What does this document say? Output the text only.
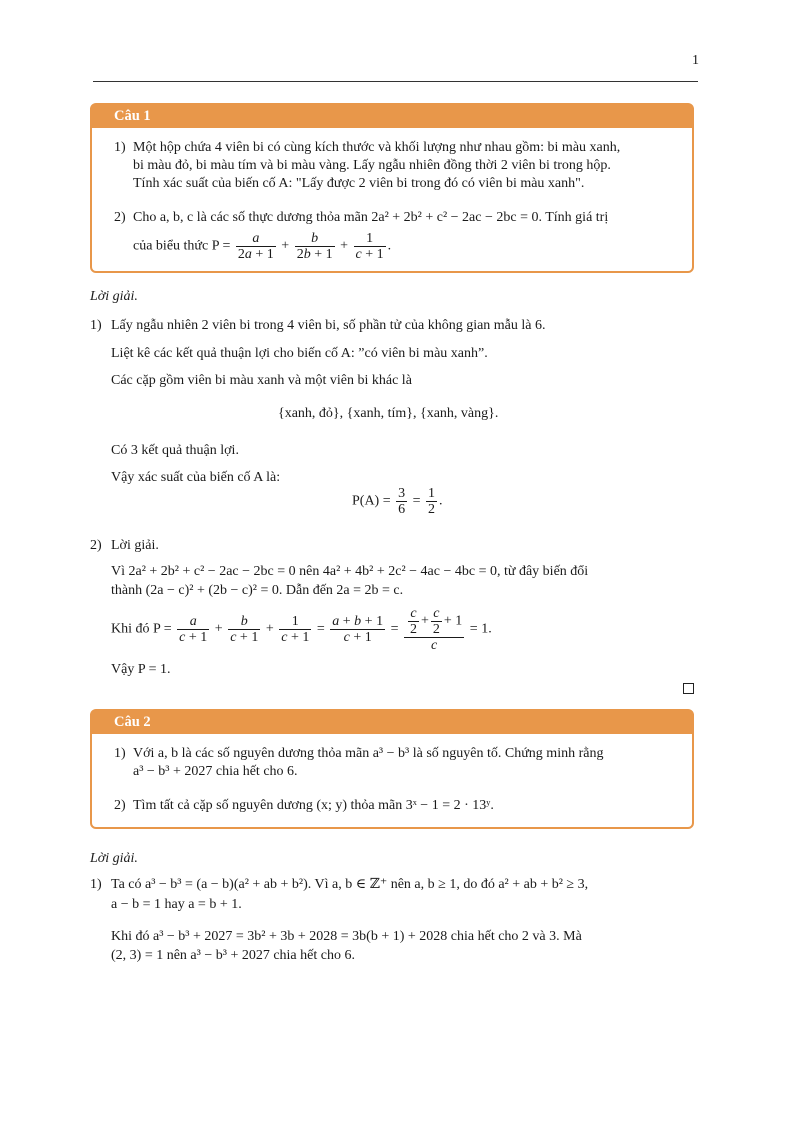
1
Câu 1
1) Một hộp chứa 4 viên bi có cùng kích thước và khối lượng như nhau gồm: bi màu xanh,
bi màu đỏ, bi màu tím và bi màu vàng. Lấy ngẫu nhiên đồng thời 2 viên bi trong hộp.
Tính xác suất của biến cố A: "Lấy được 2 viên bi trong đó có viên bi màu xanh".
2) Cho a, b, c là các số thực dương thỏa mãn 2a² + 2b² + c² − 2ac − 2bc = 0. Tính giá trị
của biểu thức $P = \frac{a}{2a + 1} + \frac{b}{2b + 1} + \frac{1}{c + 1}$ .
Lời giải.
1) Lấy ngẫu nhiên 2 viên bi trong 4 viên bi, số phần tử của không gian mẫu là 6.
Liệt kê các kết quả thuận lợi cho biến cố A: ”có viên bi màu xanh”.
Các cặp gồm viên bi màu xanh và một viên bi khác là
{xanh, đỏ}, {xanh, tím}, {xanh, vàng}.
Có 3 kết quả thuận lợi.
Vậy xác suất của biến cố A là:
$P(A) = \frac{3}{6} = \frac{1}{2}$ .
2) Lời giải.
Vì 2a² + 2b² + c² − 2ac − 2bc = 0 nên 4a² + 4b² + 2c² − 4ac − 4bc = 0, từ đây biến đổi
thành (2a − c)² + (2b − c)² = 0. Dẫn đến 2a = 2b = c.
Khi đó $P = \frac{a}{c + 1} + \frac{b}{c + 1} + \frac{1}{c + 1} = \frac{a + b + 1}{c + 1} = \frac{\frac{c}{2} + \frac{c}{2} + 1}{c} = 1$.
Vậy P = 1.
Câu 2
1) Với a, b là các số nguyên dương thỏa mãn a³ − b³ là số nguyên tố. Chứng minh rằng
a³ − b³ + 2027 chia hết cho 6.
2) Tìm tất cả cặp số nguyên dương (x; y) thỏa mãn 3ˣ − 1 = 2 · 13ʸ.
Lời giải.
1) Ta có a³ − b³ = (a − b)(a² + ab + b²). Vì a, b ∈ ℤ⁺ nên a, b ≥ 1, do đó a² + ab + b² ≥ 3,
a − b = 1 hay a = b + 1.
Khi đó a³ − b³ + 2027 = 3b² + 3b + 2028 = 3b(b + 1) + 2028 chia hết cho 2 và 3. Mà
(2, 3) = 1 nên a³ − b³ + 2027 chia hết cho 6.
